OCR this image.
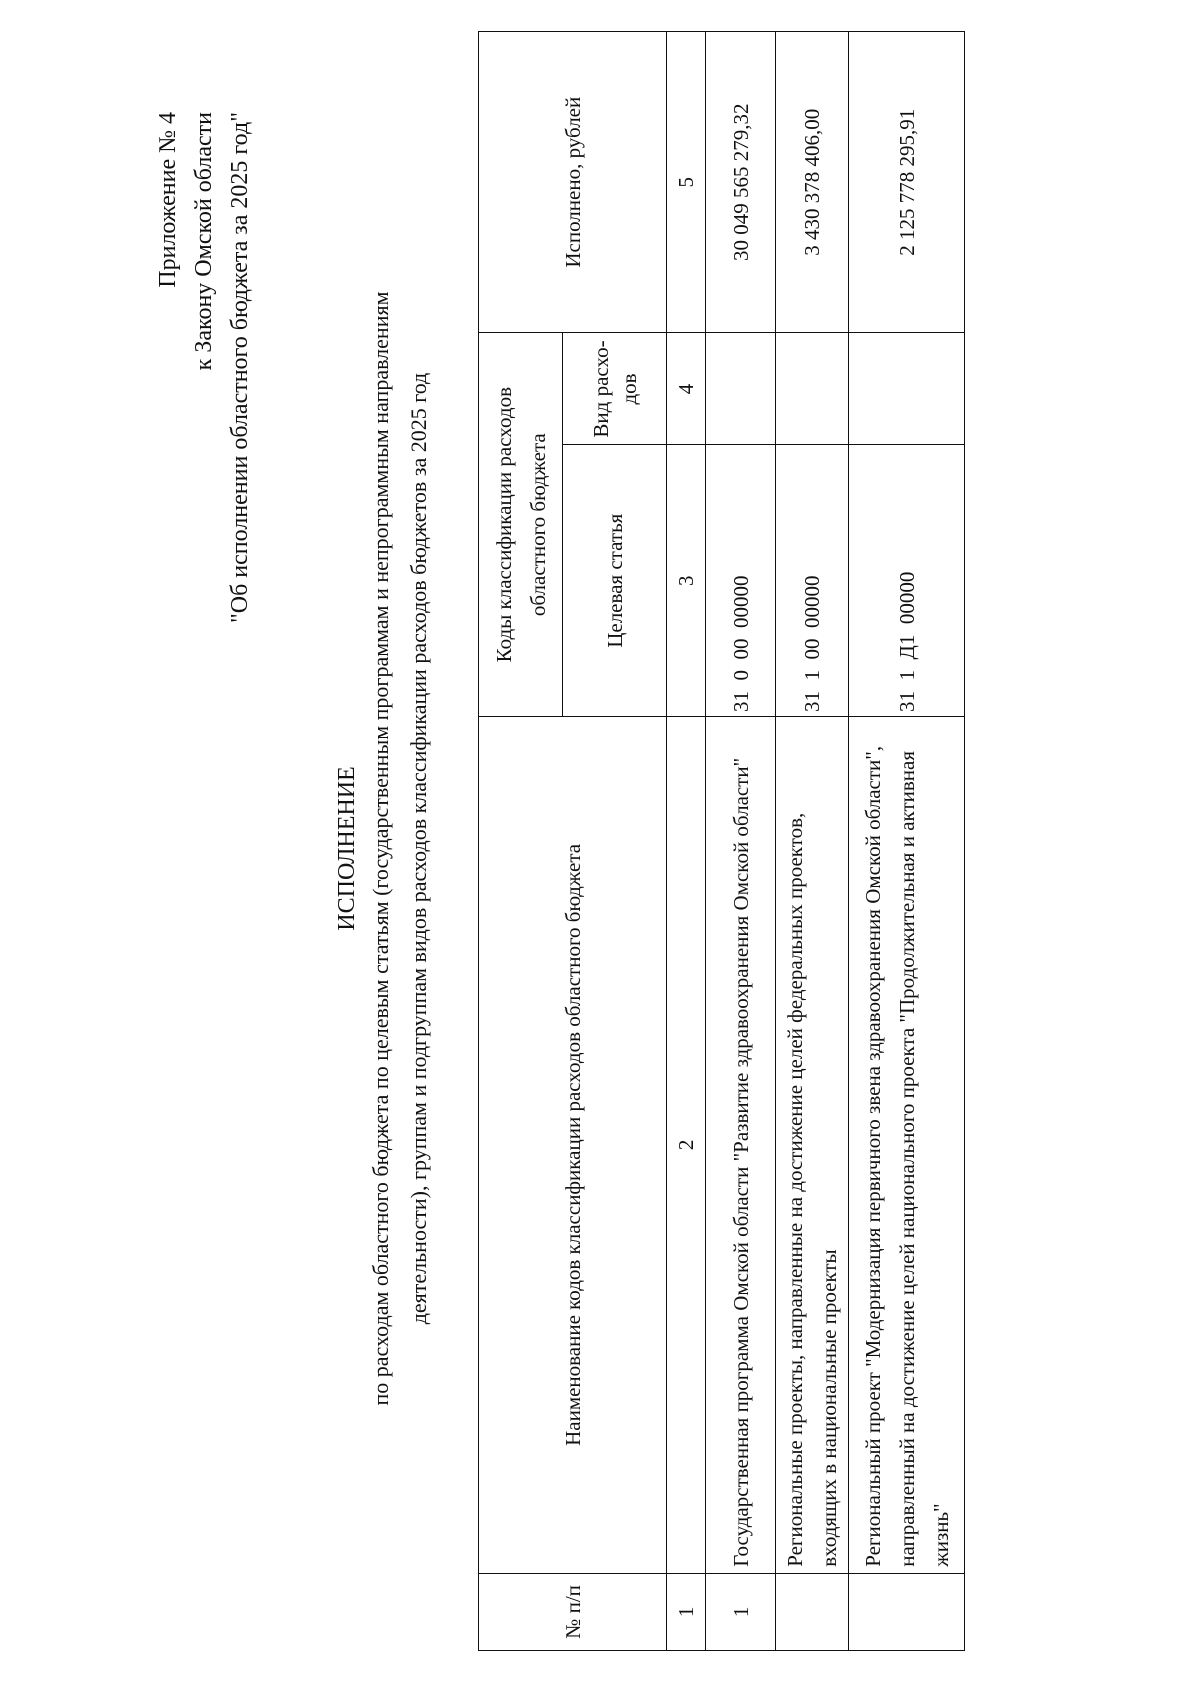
Приложение № 4 к Закону Омской области "Об исполнении областного бюджета за 2025 год"
ИСПОЛНЕНИЕ по расходам областного бюджета по целевым статьям (государственным программам и непрограммным направлениям деятельности), группам и подгруппам видов расходов классификации расходов бюджетов за 2025 год
№ п/п	Наименование кодов классификации расходов областного бюджета	Коды классификации расходов областного бюджета		Исполнено, рублей
		Целевая статья	Вид расхо-дов	
1	2	3	4	5
1	Государственная программа Омской области "Развитие здравоохранения Омской области"	31  0  00  00000		30 049 565 279,32
	Региональные проекты, направленные на достижение целей федеральных проектов, входящих в национальные проекты	31  1  00  00000		3 430 378 406,00
	Региональный проект "Модернизация первичного звена здравоохранения Омской области", направленный на достижение целей национального проекта "Продолжительная и активная жизнь"	31  1  Д1  00000		2 125 778 295,91
